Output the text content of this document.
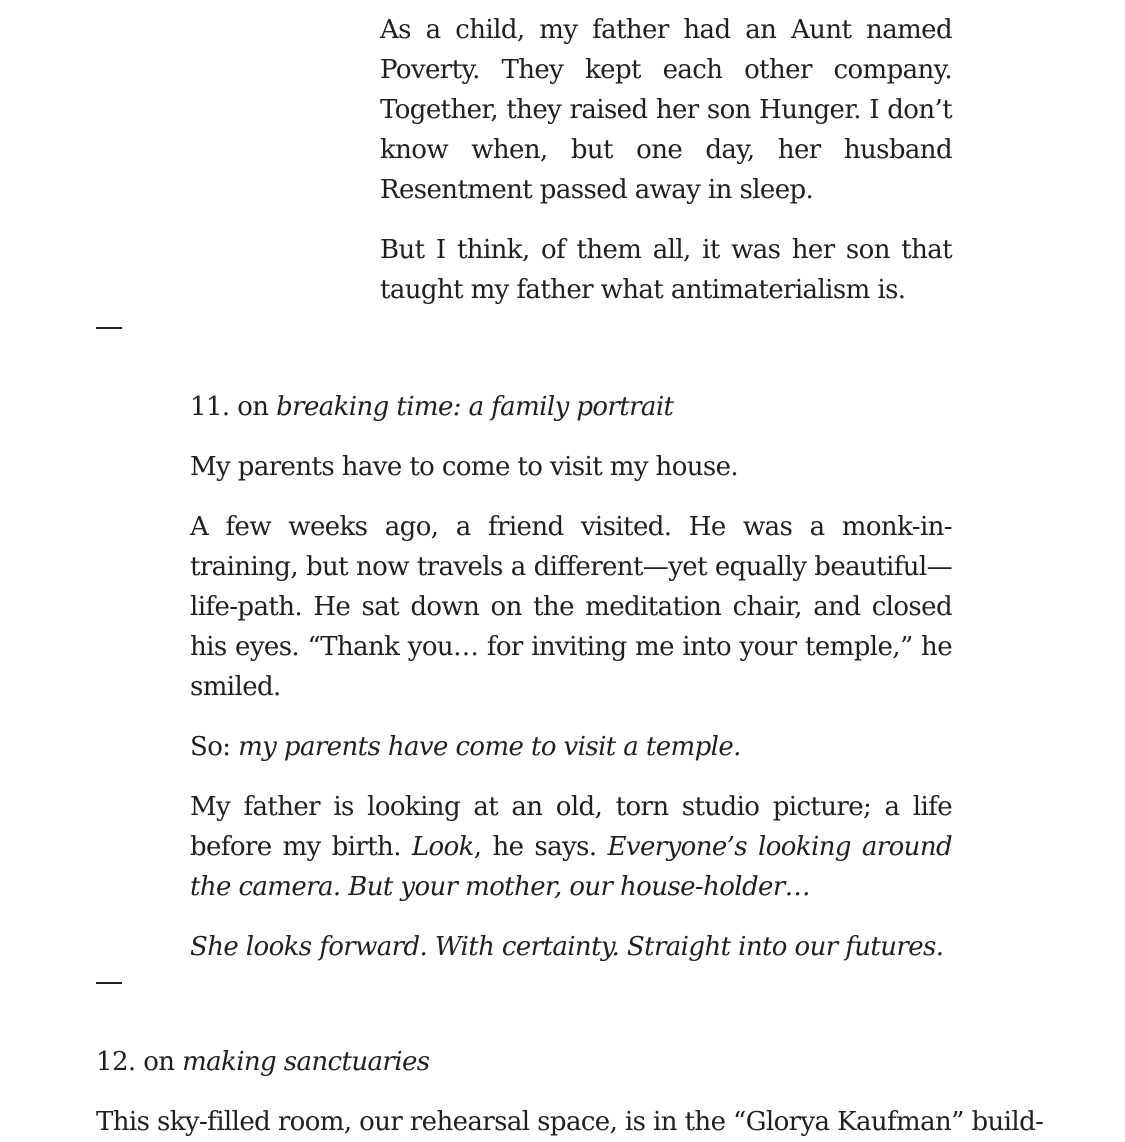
As a child, my father had an Aunt named Poverty. They kept each other company. Together, they raised her son Hunger. I don’t know when, but one day, her husband Resentment passed away in sleep.

But I think, of them all, it was her son that taught my father what antimaterialism is.

11. on breaking time: a family portrait

My parents have to come to visit my house.

A few weeks ago, a friend visited. He was a monk-in-training, but now travels a different—yet equally beautiful—life-path. He sat down on the meditation chair, and closed his eyes. “Thank you… for inviting me into your temple,” he smiled.

So: my parents have come to visit a temple.

My father is looking at an old, torn studio picture; a life before my birth. Look, he says. Everyone’s looking around the camera. But your mother, our house-holder…

She looks forward. With certainty. Straight into our futures.

12. on making sanctuaries

This sky-filled room, our rehearsal space, is in the “Glorya Kaufman” build-
